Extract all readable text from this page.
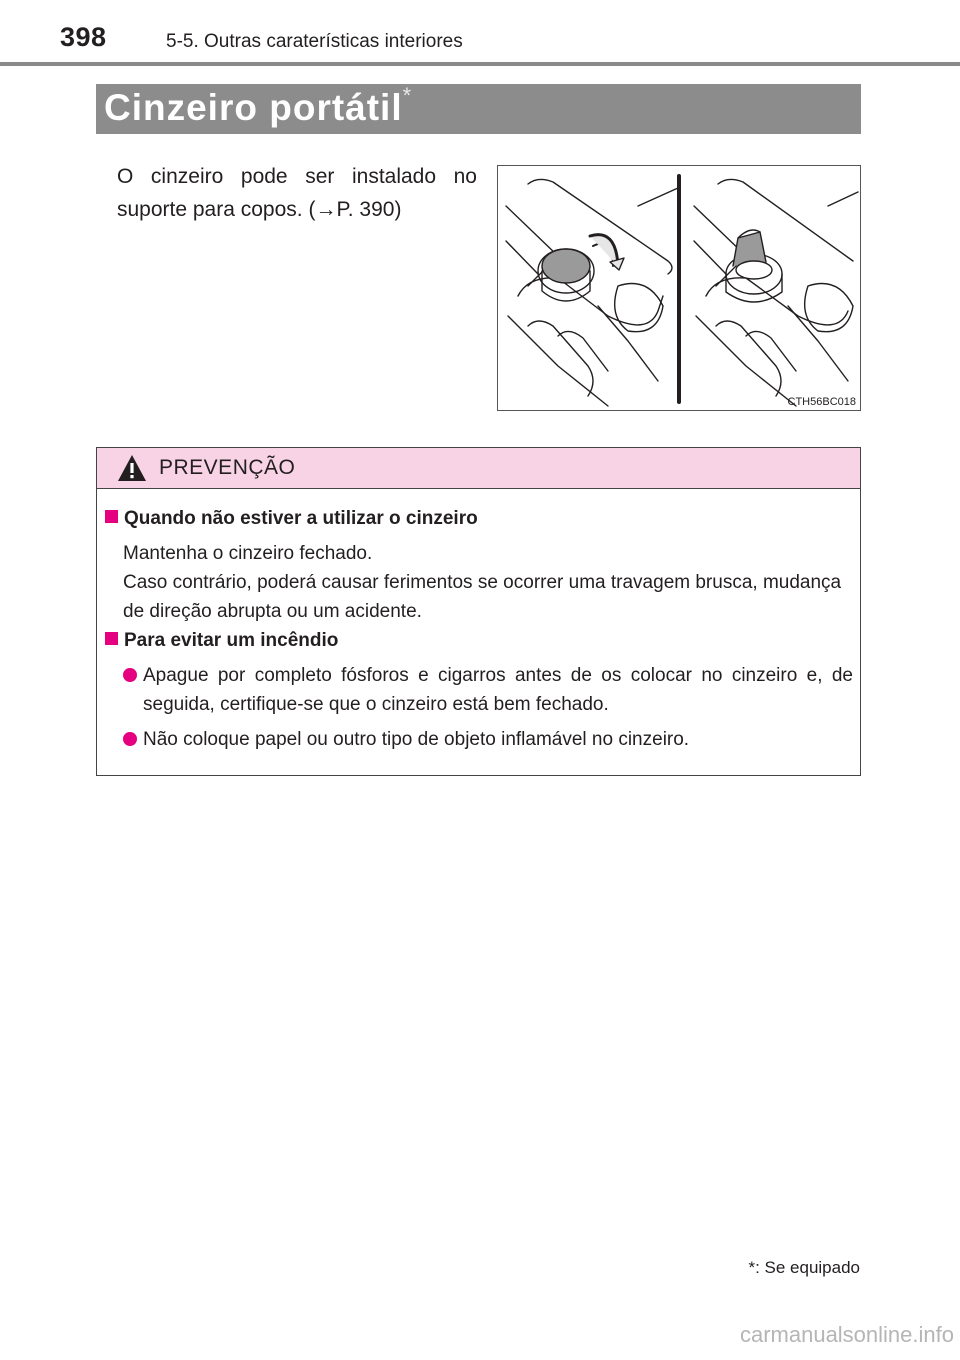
398	5-5. Outras caraterísticas interiores
Cinzeiro portátil *
O cinzeiro pode ser instalado no suporte para copos. (→P. 390)
CTH56BC018
PREVENÇÃO
Quando não estiver a utilizar o cinzeiro
Mantenha o cinzeiro fechado.
Caso contrário, poderá causar ferimentos se ocorrer uma travagem brusca, mudança de direção abrupta ou um acidente.
Para evitar um incêndio
Apague por completo fósforos e cigarros antes de os colocar no cinzeiro e, de seguida, certifique-se que o cinzeiro está bem fechado.
Não coloque papel ou outro tipo de objeto inflamável no cinzeiro.
*: Se equipado
carmanualsonline.info
